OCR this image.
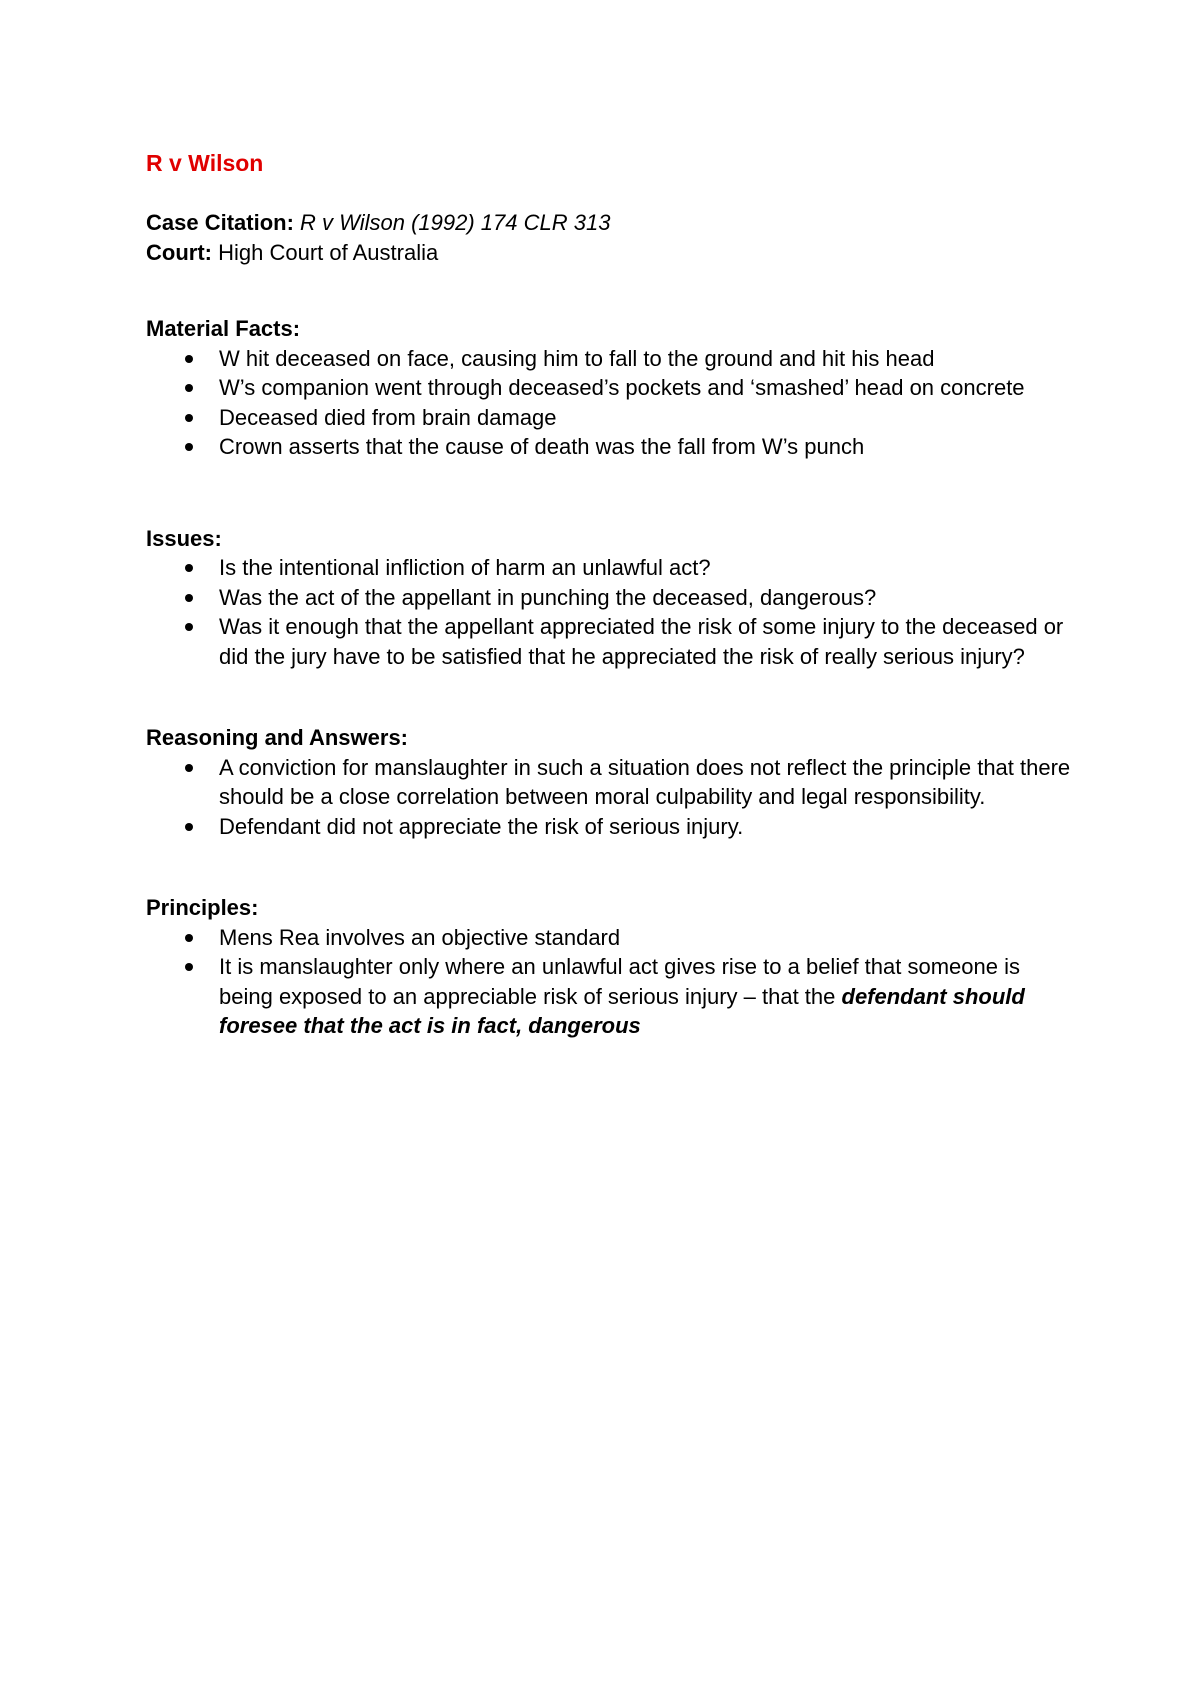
R v Wilson

Case Citation: R v Wilson (1992) 174 CLR 313

Court: High Court of Australia

Material Facts:

W hit deceased on face, causing him to fall to the ground and hit his head
W’s companion went through deceased’s pockets and ‘smashed’ head on concrete
Deceased died from brain damage
Crown asserts that the cause of death was the fall from W’s punch

Issues:

Is the intentional infliction of harm an unlawful act?
Was the act of the appellant in punching the deceased, dangerous?
Was it enough that the appellant appreciated the risk of some injury to the deceased or did the jury have to be satisfied that he appreciated the risk of really serious injury?

Reasoning and Answers:

A conviction for manslaughter in such a situation does not reflect the principle that there should be a close correlation between moral culpability and legal responsibility.
Defendant did not appreciate the risk of serious injury.

Principles:

Mens Rea involves an objective standard
It is manslaughter only where an unlawful act gives rise to a belief that someone is being exposed to an appreciable risk of serious injury – that the defendant should foresee that the act is in fact, dangerous
